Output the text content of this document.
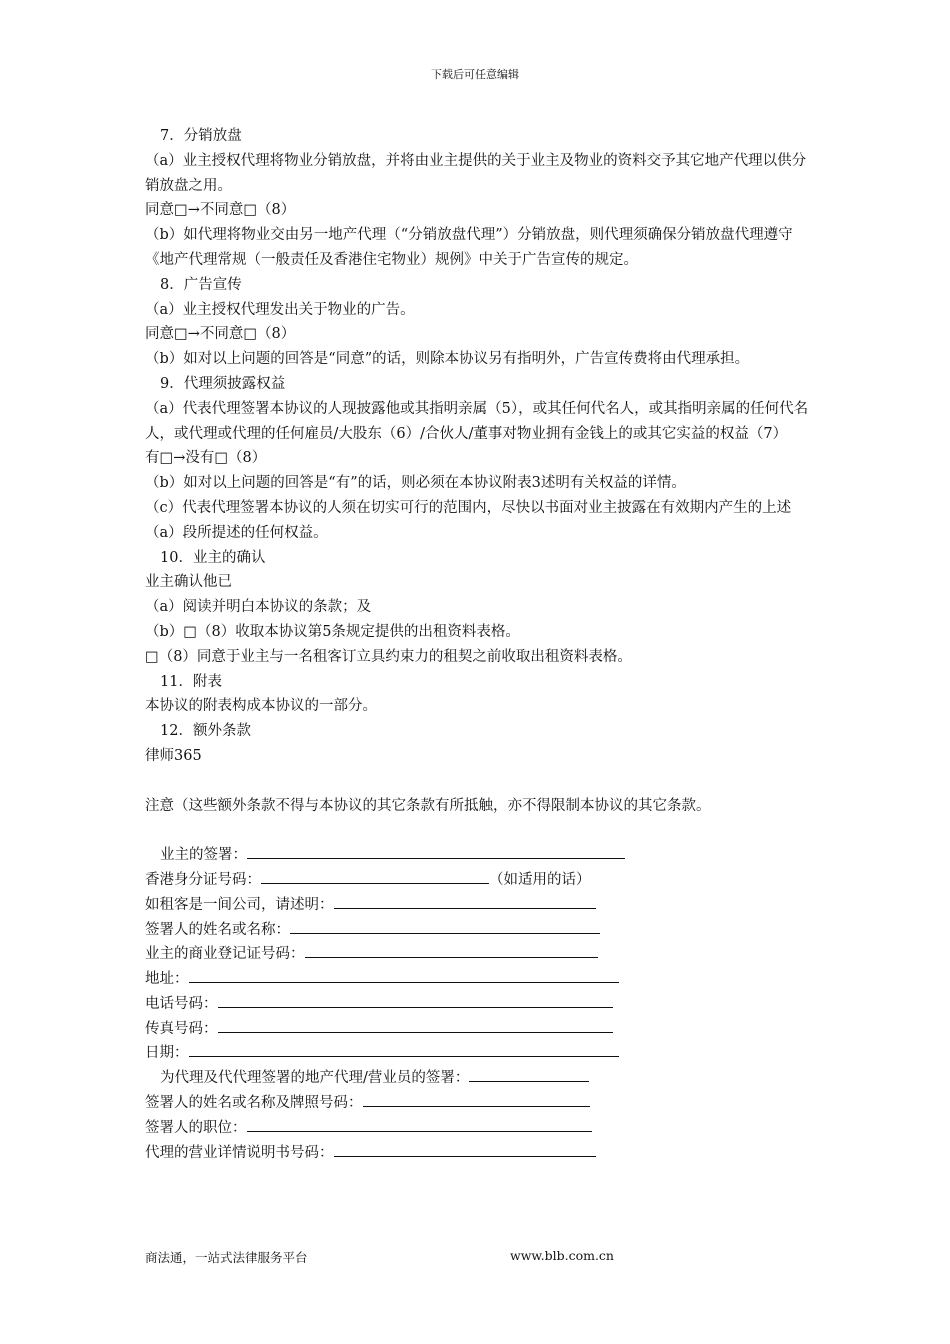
下载后可任意编辑
7．分销放盘
（a）业主授权代理将物业分销放盘，并将由业主提供的关于业主及物业的资料交予其它地产代理以供分销放盘之用。
同意□→不同意□（8）
（b）如代理将物业交由另一地产代理（“分销放盘代理”）分销放盘，则代理须确保分销放盘代理遵守《地产代理常规（一般责任及香港住宅物业）规例》中关于广告宣传的规定。
8．广告宣传
（a）业主授权代理发出关于物业的广告。
同意□→不同意□（8）
（b）如对以上问题的回答是“同意”的话，则除本协议另有指明外，广告宣传费将由代理承担。
9．代理须披露权益
（a）代表代理签署本协议的人现披露他或其指明亲属（5），或其任何代名人，或其指明亲属的任何代名人，或代理或代理的任何雇员/大股东（6）/合伙人/董事对物业拥有金钱上的或其它实益的权益（7）
有□→没有□（8）
（b）如对以上问题的回答是“有”的话，则必须在本协议附表3述明有关权益的详情。
（c）代表代理签署本协议的人须在切实可行的范围内，尽快以书面对业主披露在有效期内产生的上述（a）段所提述的任何权益。
10．业主的确认
业主确认他已
（a）阅读并明白本协议的条款；及
（b）□（8）收取本协议第5条规定提供的出租资料表格。
□（8）同意于业主与一名租客订立具约束力的租契之前收取出租资料表格。
11．附表
本协议的附表构成本协议的一部分。
12．额外条款
律师365
注意（这些额外条款不得与本协议的其它条款有所抵触，亦不得限制本协议的其它条款。
业主的签署：
香港身分证号码：	（如适用的话）
如租客是一间公司，请述明：
签署人的姓名或名称：
业主的商业登记证号码：
地址：
电话号码：
传真号码：
日期：
为代理及代代理签署的地产代理/营业员的签署：
签署人的姓名或名称及牌照号码：
签署人的职位：
代理的营业详情说明书号码：
商法通，一站式法律服务平台	www.blb.com.cn
